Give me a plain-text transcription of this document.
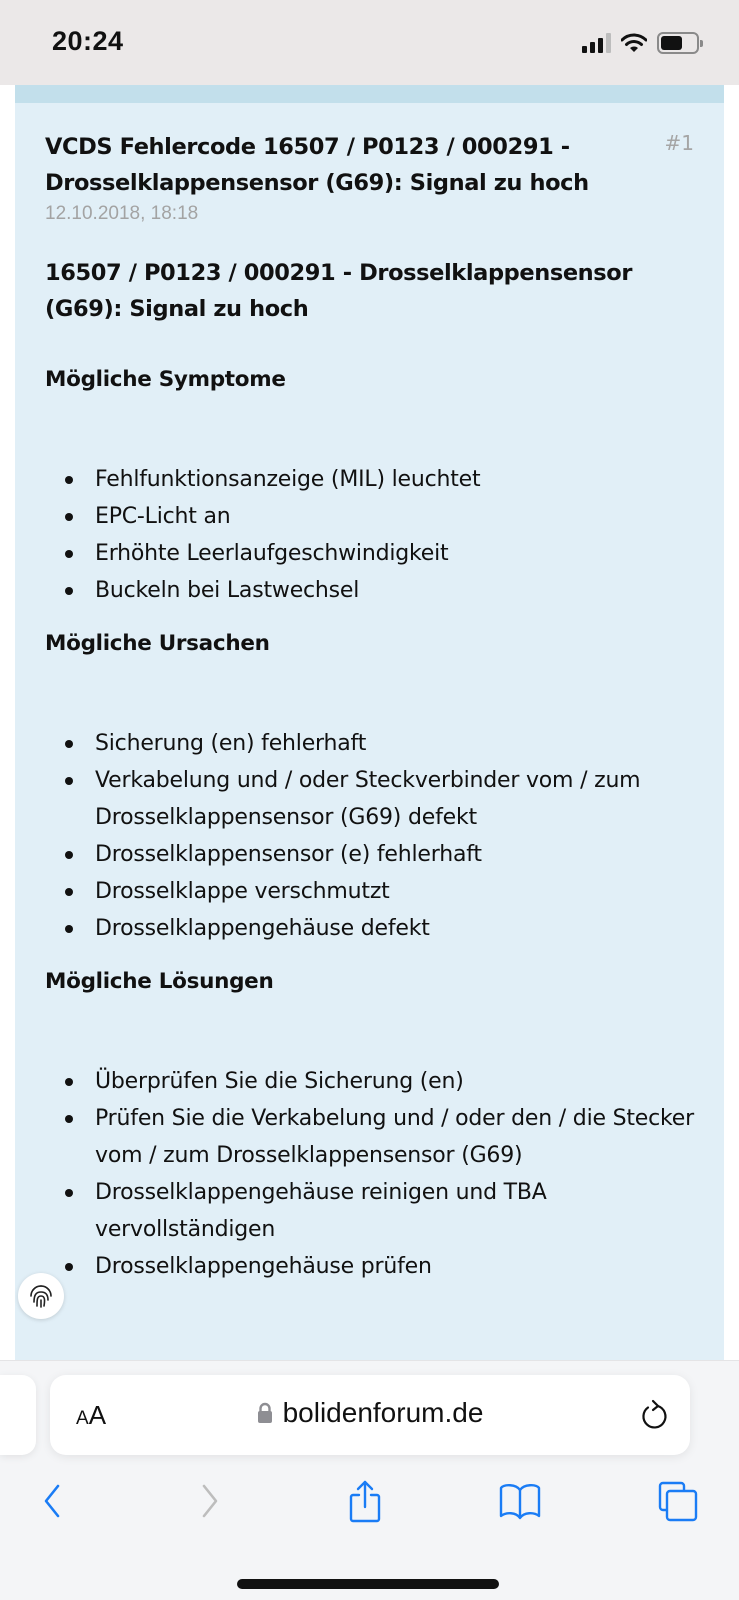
20:24
#1
VCDS Fehlercode 16507 / P0123 / 000291 - Drosselklappensensor (G69): Signal zu hoch
12.10.2018, 18:18
16507 / P0123 / 000291 - Drosselklappensensor (G69): Signal zu hoch
Mögliche Symptome
Fehlfunktionsanzeige (MIL) leuchtet
EPC-Licht an
Erhöhte Leerlaufgeschwindigkeit
Buckeln bei Lastwechsel
Mögliche Ursachen
Sicherung (en) fehlerhaft
Verkabelung und / oder Steckverbinder vom / zum Drosselklappensensor (G69) defekt
Drosselklappensensor (e) fehlerhaft
Drosselklappe verschmutzt
Drosselklappengehäuse defekt
Mögliche Lösungen
Überprüfen Sie die Sicherung (en)
Prüfen Sie die Verkabelung und / oder den / die Stecker vom / zum Drosselklappensensor (G69)
Drosselklappengehäuse reinigen und TBA vervollständigen
Drosselklappengehäuse prüfen
AA	bolidenforum.de
